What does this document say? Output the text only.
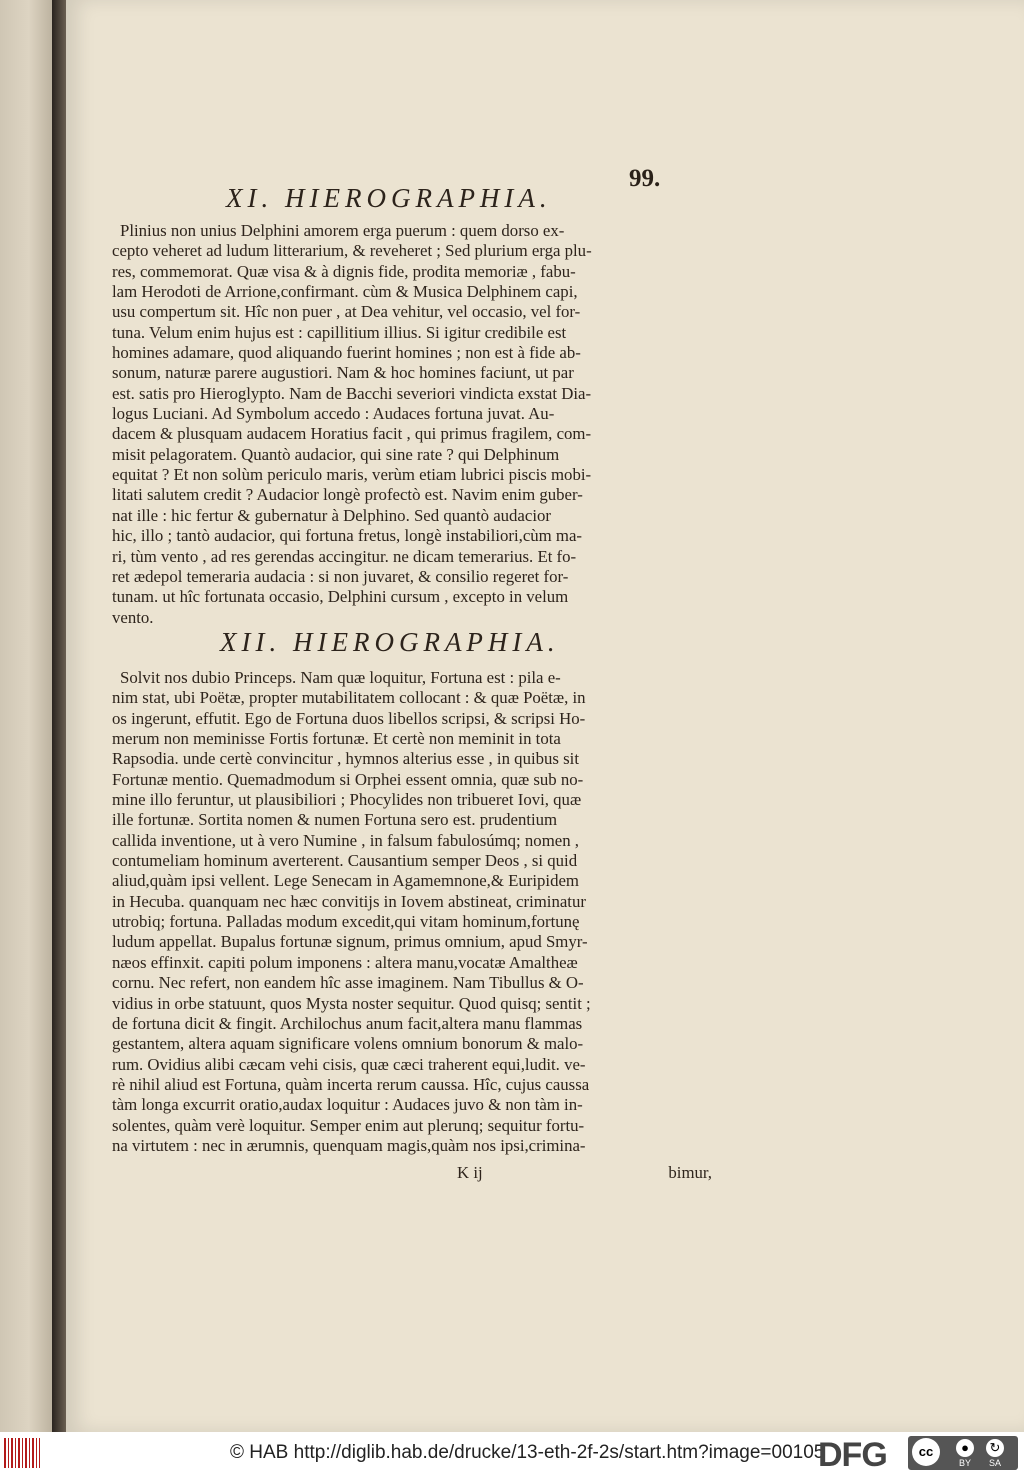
99.
XI. HIEROGRAPHIA.
Plinius non unius Delphini amorem erga puerum : quem dorso ex-
cepto veheret ad ludum litterarium, & reveheret ; Sed plurium erga plu-
res, commemorat. Quæ visa & à dignis fide, prodita memoriæ , fabu-
lam Herodoti de Arrione,confirmant. cùm & Musica Delphinem capi,
usu compertum sit. Hîc non puer , at Dea vehitur, vel occasio, vel for-
tuna. Velum enim hujus est : capillitium illius. Si igitur credibile est
homines adamare, quod aliquando fuerint homines ; non est à fide ab-
sonum, naturæ parere augustiori. Nam & hoc homines faciunt, ut par
est. satis pro Hieroglypto. Nam de Bacchi severiori vindicta exstat Dia-
logus Luciani. Ad Symbolum accedo : Audaces fortuna juvat. Au-
dacem & plusquam audacem Horatius facit , qui primus fragilem, com-
misit pelagoratem. Quantò audacior, qui sine rate ? qui Delphinum
equitat ? Et non solùm periculo maris, verùm etiam lubrici piscis mobi-
litati salutem credit ? Audacior longè profectò est. Navim enim guber-
nat ille : hic fertur & gubernatur à Delphino. Sed quantò audacior
hic, illo ; tantò audacior, qui fortuna fretus, longè instabiliori,cùm ma-
ri, tùm vento , ad res gerendas accingitur. ne dicam temerarius. Et fo-
ret ædepol temeraria audacia : si non juvaret, & consilio regeret for-
tunam. ut hîc fortunata occasio, Delphini cursum , excepto in velum
vento.
XII. HIEROGRAPHIA.
Solvit nos dubio Princeps. Nam quæ loquitur, Fortuna est : pila e-
nim stat, ubi Poëtæ, propter mutabilitatem collocant : & quæ Poëtæ, in
os ingerunt, effutit. Ego de Fortuna duos libellos scripsi, & scripsi Ho-
merum non meminisse Fortis fortunæ. Et certè non meminit in tota
Rapsodia. unde certè convincitur , hymnos alterius esse , in quibus sit
Fortunæ mentio. Quemadmodum si Orphei essent omnia, quæ sub no-
mine illo feruntur, ut plausibiliori ; Phocylides non tribueret Iovi, quæ
ille fortunæ. Sortita nomen & numen Fortuna sero est. prudentium
callida inventione, ut à vero Numine , in falsum fabulosúmq; nomen ,
contumeliam hominum averterent. Causantium semper Deos , si quid
aliud,quàm ipsi vellent. Lege Senecam in Agamemnone,& Euripidem
in Hecuba. quanquam nec hæc convitijs in Iovem abstineat, criminatur
utrobiq; fortuna. Palladas modum excedit,qui vitam hominum,fortunę
ludum appellat. Bupalus fortunæ signum, primus omnium, apud Smyr-
næos effinxit. capiti polum imponens : altera manu,vocatæ Amaltheæ
cornu. Nec refert, non eandem hîc asse imaginem. Nam Tibullus & O-
vidius in orbe statuunt, quos Mysta noster sequitur. Quod quisq; sentit ;
de fortuna dicit & fingit. Archilochus anum facit,altera manu flammas
gestantem, altera aquam significare volens omnium bonorum & malo-
rum. Ovidius alibi cæcam vehi cisis, quæ cæci traherent equi,ludit. ve-
rè nihil aliud est Fortuna, quàm incerta rerum caussa. Hîc, cujus caussa
tàm longa excurrit oratio,audax loquitur : Audaces juvo & non tàm in-
solentes, quàm verè loquitur. Semper enim aut plerunq; sequitur fortu-
na virtutem : nec in ærumnis, quenquam magis,quàm nos ipsi,crimina-
K ij	bimur,
© HAB http://diglib.hab.de/drucke/13-eth-2f-2s/start.htm?image=00105
DFG	cc	●	↻
BY	SA
